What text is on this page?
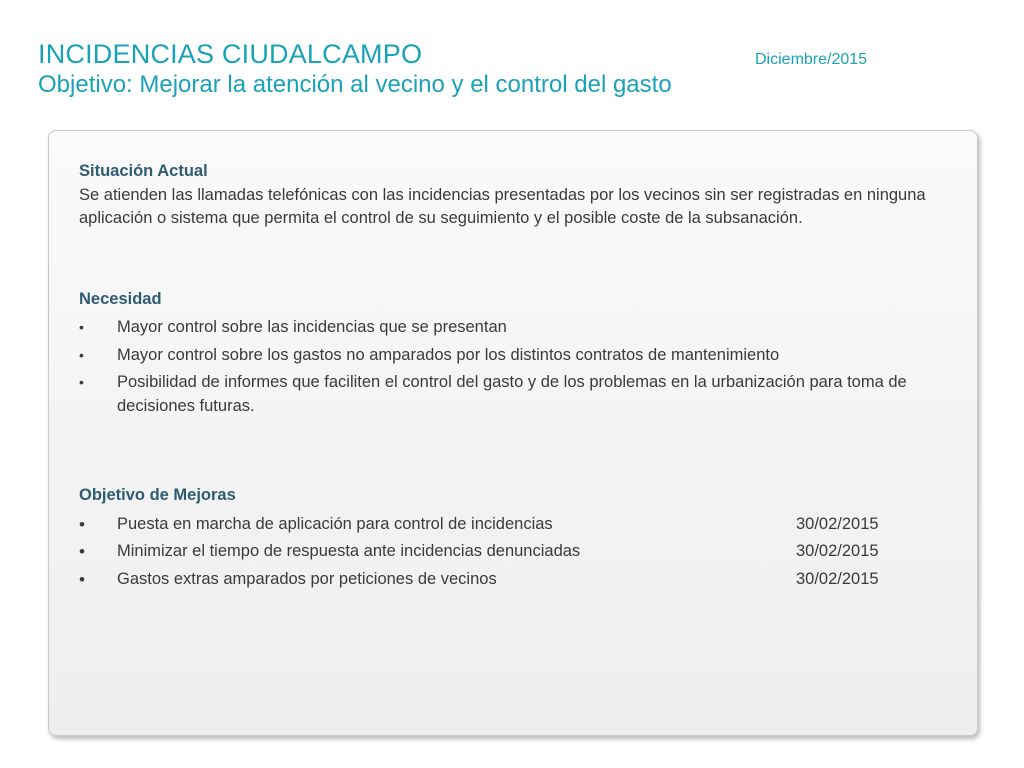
INCIDENCIAS CIUDALCAMPO	Diciembre/2015
Objetivo: Mejorar la atención al vecino y el control del gasto
Situación Actual

Se atienden las llamadas telefónicas con las incidencias presentadas por los vecinos sin ser registradas en ninguna aplicación o sistema que permita el control de su seguimiento y el posible coste de la subsanación.

Necesidad
• Mayor control sobre las incidencias que se presentan
• Mayor control sobre los gastos no amparados por los distintos contratos de mantenimiento
• Posibilidad de informes que faciliten el control del gasto y de los problemas en la urbanización para toma de decisiones futuras.
Objetivo de Mejoras
• Puesta en marcha de aplicación para control de incidencias	30/02/2015
• Minimizar el tiempo de respuesta ante incidencias denunciadas	30/02/2015
• Gastos extras amparados por peticiones de vecinos	30/02/2015
